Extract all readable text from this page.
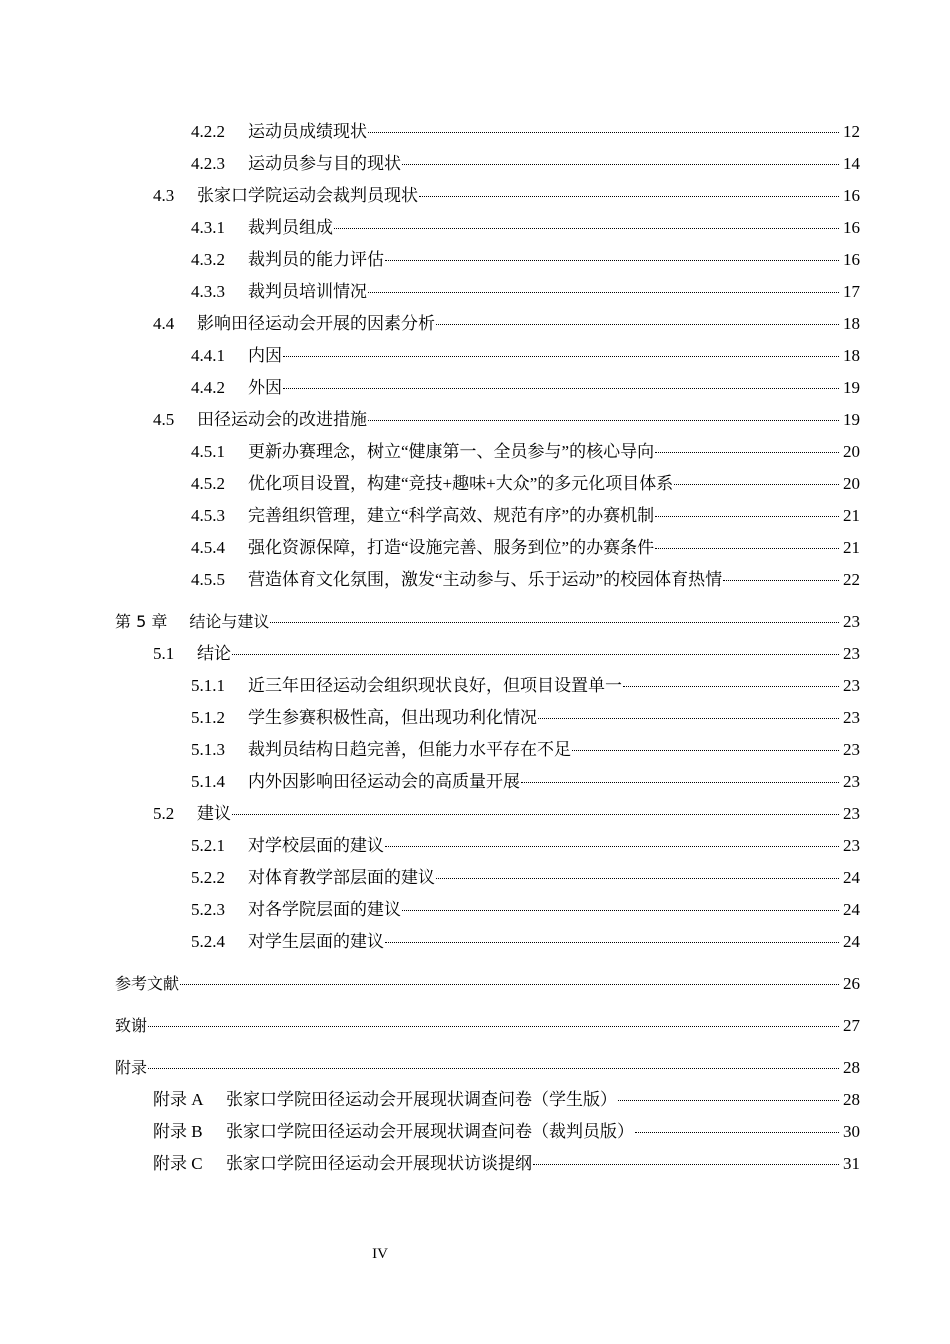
4.2.2	运动员成绩现状	12
4.2.3	运动员参与目的现状	14
4.3	张家口学院运动会裁判员现状	16
4.3.1	裁判员组成	16
4.3.2	裁判员的能力评估	16
4.3.3	裁判员培训情况	17
4.4	影响田径运动会开展的因素分析	18
4.4.1	内因	18
4.4.2	外因	19
4.5	田径运动会的改进措施	19
4.5.1	更新办赛理念，树立“健康第一、全员参与”的核心导向	20
4.5.2	优化项目设置，构建“竞技+趣味+大众”的多元化项目体系	20
4.5.3	完善组织管理，建立“科学高效、规范有序”的办赛机制	21
4.5.4	强化资源保障，打造“设施完善、服务到位”的办赛条件	21
4.5.5	营造体育文化氛围，激发“主动参与、乐于运动”的校园体育热情	22
第 5 章 结论与建议	23
5.1	结论	23
5.1.1	近三年田径运动会组织现状良好，但项目设置单一	23
5.1.2	学生参赛积极性高，但出现功利化情况	23
5.1.3	裁判员结构日趋完善，但能力水平存在不足	23
5.1.4	内外因影响田径运动会的高质量开展	23
5.2	建议	23
5.2.1	对学校层面的建议	23
5.2.2	对体育教学部层面的建议	24
5.2.3	对各学院层面的建议	24
5.2.4	对学生层面的建议	24
参考文献	26
致谢	27
附录	28
附录 A	张家口学院田径运动会开展现状调查问卷（学生版）	28
附录 B	张家口学院田径运动会开展现状调查问卷（裁判员版）	30
附录 C	张家口学院田径运动会开展现状访谈提纲	31
IV
